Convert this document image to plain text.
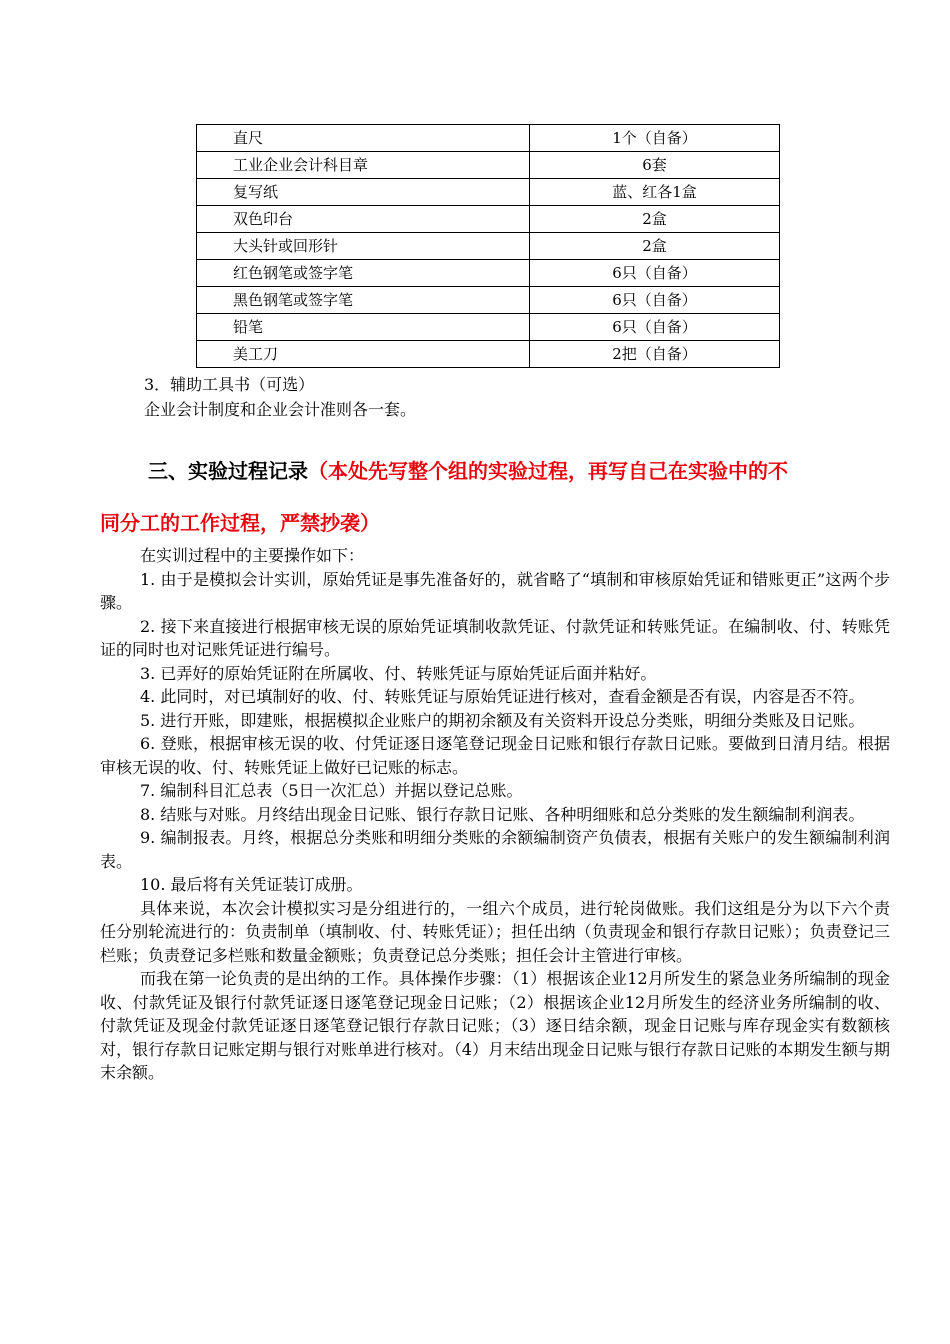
直尺	1个（自备）
工业企业会计科目章	6套
复写纸	蓝、红各1盒
双色印台	2盒
大头针或回形针	2盒
红色钢笔或签字笔	6只（自备）
黑色钢笔或签字笔	6只（自备）
铅笔	6只（自备）
美工刀	2把（自备）
3．辅助工具书（可选）
企业会计制度和企业会计准则各一套。
三、实验过程记录（本处先写整个组的实验过程，再写自己在实验中的不
同分工的工作过程，严禁抄袭）

在实训过程中的主要操作如下：

1. 由于是模拟会计实训，原始凭证是事先准备好的，就省略了“填制和审核原始凭证和错账更正”这两个步骤。

2. 接下来直接进行根据审核无误的原始凭证填制收款凭证、付款凭证和转账凭证。在编制收、付、转账凭证的同时也对记账凭证进行编号。

3. 已弄好的原始凭证附在所属收、付、转账凭证与原始凭证后面并粘好。

4. 此同时，对已填制好的收、付、转账凭证与原始凭证进行核对，查看金额是否有误，内容是否不符。

5. 进行开账，即建账，根据模拟企业账户的期初余额及有关资料开设总分类账，明细分类账及日记账。

6. 登账，根据审核无误的收、付凭证逐日逐笔登记现金日记账和银行存款日记账。要做到日清月结。根据审核无误的收、付、转账凭证上做好已记账的标志。

7. 编制科目汇总表（5日一次汇总）并据以登记总账。

8. 结账与对账。月终结出现金日记账、银行存款日记账、各种明细账和总分类账的发生额编制利润表。

9. 编制报表。月终，根据总分类账和明细分类账的余额编制资产负债表，根据有关账户的发生额编制利润表。

10. 最后将有关凭证装订成册。

具体来说，本次会计模拟实习是分组进行的，一组六个成员，进行轮岗做账。我们这组是分为以下六个责任分别轮流进行的：负责制单（填制收、付、转账凭证）；担任出纳（负责现金和银行存款日记账）；负责登记三栏账；负责登记多栏账和数量金额账；负责登记总分类账；担任会计主管进行审核。

而我在第一论负责的是出纳的工作。具体操作步骤：（1）根据该企业12月所发生的紧急业务所编制的现金收、付款凭证及银行付款凭证逐日逐笔登记现金日记账；（2）根据该企业12月所发生的经济业务所编制的收、付款凭证及现金付款凭证逐日逐笔登记银行存款日记账；（3）逐日结余额，现金日记账与库存现金实有数额核对，银行存款日记账定期与银行对账单进行核对。（4）月末结出现金日记账与银行存款日记账的本期发生额与期末余额。
